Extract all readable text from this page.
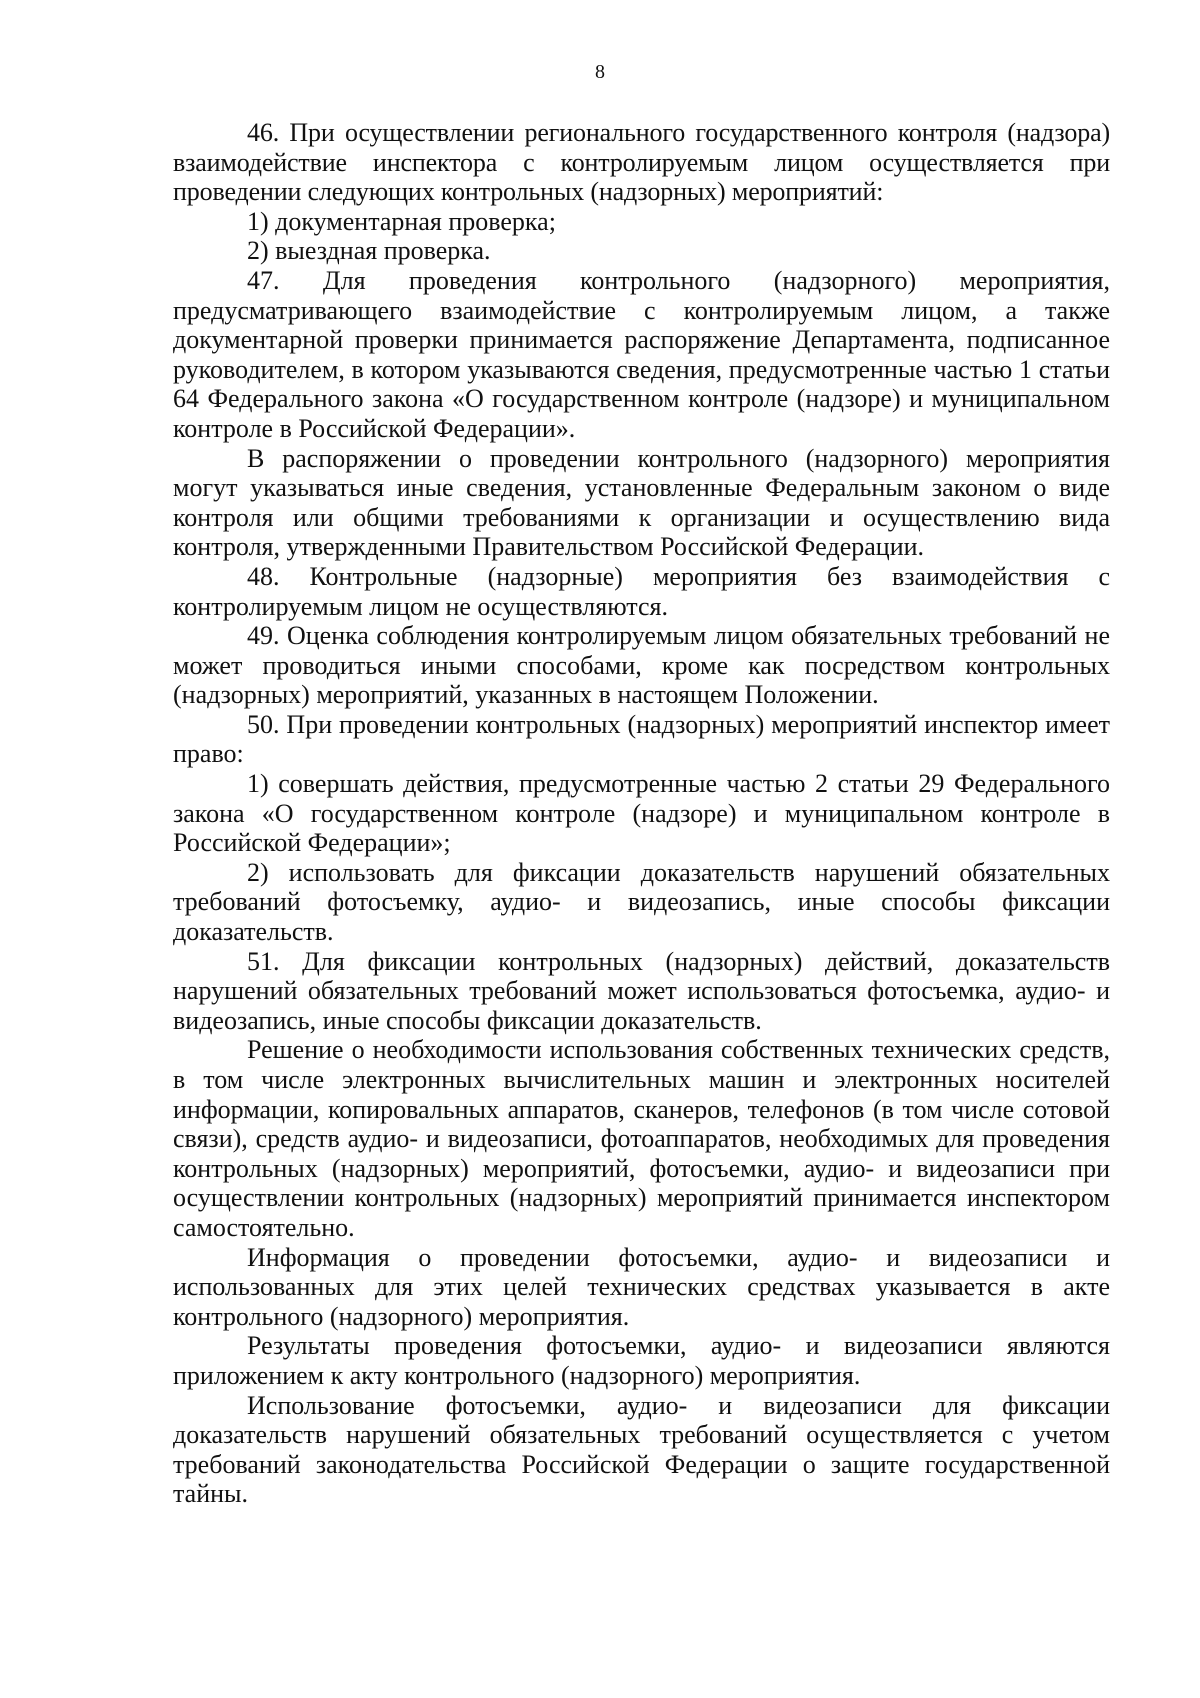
8

46. При осуществлении регионального государственного контроля (надзора) взаимодействие инспектора с контролируемым лицом осуществляется при проведении следующих контрольных (надзорных) мероприятий:

1) документарная проверка;

2) выездная проверка.

47. Для проведения контрольного (надзорного) мероприятия, предусматривающего взаимодействие с контролируемым лицом, а также документарной проверки принимается распоряжение Департамента, подписанное руководителем, в котором указываются сведения, предусмотренные частью 1 статьи 64 Федерального закона «О государственном контроле (надзоре) и муниципальном контроле в Российской Федерации».

В распоряжении о проведении контрольного (надзорного) мероприятия могут указываться иные сведения, установленные Федеральным законом о виде контроля или общими требованиями к организации и осуществлению вида контроля, утвержденными Правительством Российской Федерации.

48. Контрольные (надзорные) мероприятия без взаимодействия с контролируемым лицом не осуществляются.

49. Оценка соблюдения контролируемым лицом обязательных требований не может проводиться иными способами, кроме как посредством контрольных (надзорных) мероприятий, указанных в настоящем Положении.

50. При проведении контрольных (надзорных) мероприятий инспектор имеет право:

1) совершать действия, предусмотренные частью 2 статьи 29 Федерального закона «О государственном контроле (надзоре) и муниципальном контроле в Российской Федерации»;

2) использовать для фиксации доказательств нарушений обязательных требований фотосъемку, аудио- и видеозапись, иные способы фиксации доказательств.

51. Для фиксации контрольных (надзорных) действий, доказательств нарушений обязательных требований может использоваться фотосъемка, аудио- и видеозапись, иные способы фиксации доказательств.

Решение о необходимости использования собственных технических средств, в том числе электронных вычислительных машин и электронных носителей информации, копировальных аппаратов, сканеров, телефонов (в том числе сотовой связи), средств аудио- и видеозаписи, фотоаппаратов, необходимых для проведения контрольных (надзорных) мероприятий, фотосъемки, аудио- и видеозаписи при осуществлении контрольных (надзорных) мероприятий принимается инспектором самостоятельно.

Информация о проведении фотосъемки, аудио- и видеозаписи и использованных для этих целей технических средствах указывается в акте контрольного (надзорного) мероприятия.

Результаты проведения фотосъемки, аудио- и видеозаписи являются приложением к акту контрольного (надзорного) мероприятия.

Использование фотосъемки, аудио- и видеозаписи для фиксации доказательств нарушений обязательных требований осуществляется с учетом требований законодательства Российской Федерации о защите государственной тайны.
